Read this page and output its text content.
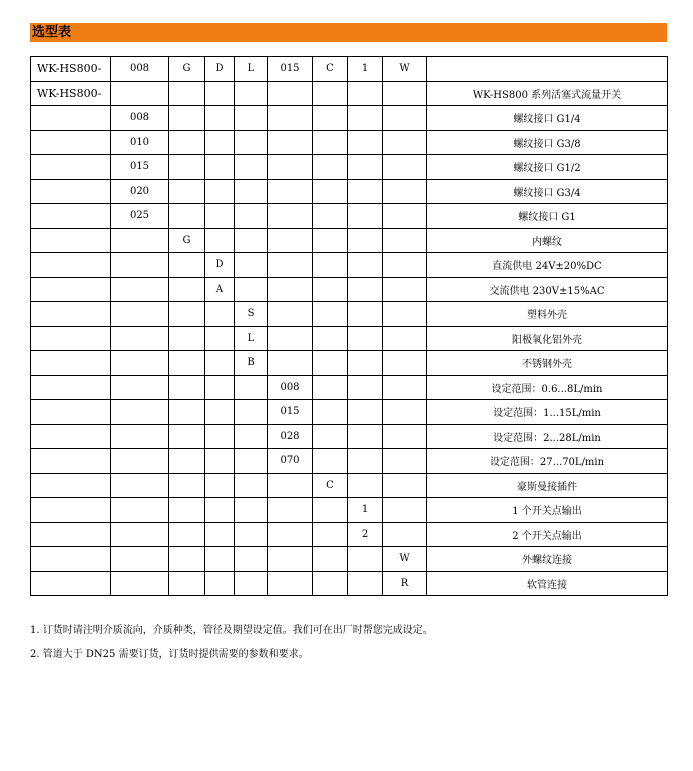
选型表
WK-HS800-	008	G	D	L	015	C	1	W	
WK-HS800-									WK-HS800 系列活塞式流量开关
	008								螺纹接口 G1/4
	010								螺纹接口 G3/8
	015								螺纹接口 G1/2
	020								螺纹接口 G3/4
	025								螺纹接口 G1
		G							内螺纹
			D						直流供电 24V±20%DC
			A						交流供电 230V±15%AC
				S					塑料外壳
				L					阳极氧化铝外壳
				B					不锈钢外壳
					008				设定范围：0.6...8L/min
					015				设定范围：1...15L/min
					028				设定范围：2...28L/min
					070				设定范围：27...70L/min
						C			豪斯曼接插件
							1		1 个开关点输出
							2		2 个开关点输出
								W	外螺纹连接
								R	软管连接
1. 订货时请注明介质流向，介质种类，管径及期望设定值。我们可在出厂时帮您完成设定。
2. 管道大于 DN25 需要订货，订货时提供需要的参数和要求。
